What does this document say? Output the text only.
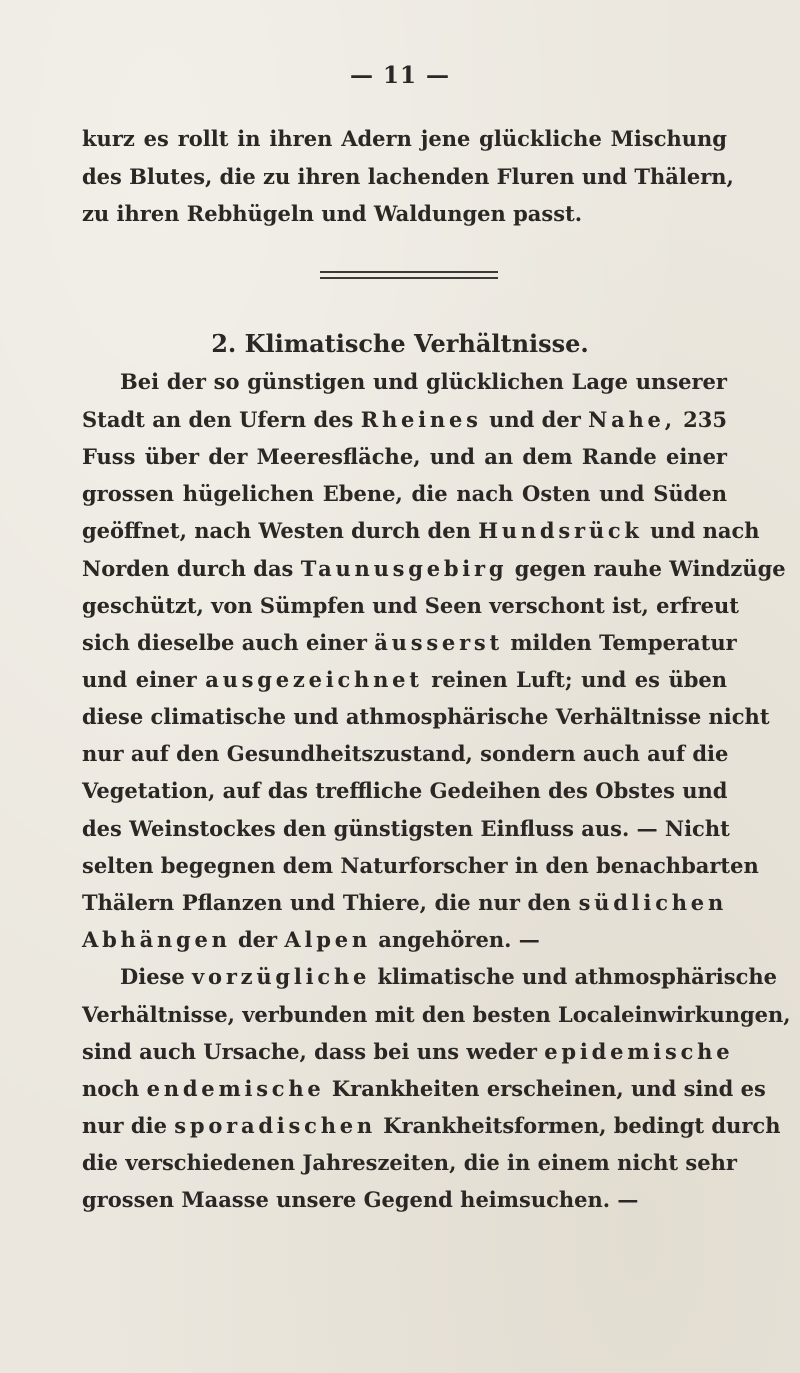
— 11 —
kurz es rollt in ihren Adern jene glückliche Mischung
des Blutes, die zu ihren lachenden Fluren und Thälern,
zu ihren Rebhügeln und Waldungen passt.
2. Klimatische Verhältnisse.
Bei der so günstigen und glücklichen Lage unserer
Stadt an den Ufern des Rheines und der Nahe, 235
Fuss über der Meeresfläche, und an dem Rande einer
grossen hügelichen Ebene, die nach Osten und Süden
geöffnet, nach Westen durch den Hundsrück und nach
Norden durch das Taunusgebirg gegen rauhe Windzüge
geschützt, von Sümpfen und Seen verschont ist, erfreut
sich dieselbe auch einer äusserst milden Temperatur
und einer ausgezeichnet reinen Luft; und es üben
diese climatische und athmosphärische Verhältnisse nicht
nur auf den Gesundheitszustand, sondern auch auf die
Vegetation, auf das treffliche Gedeihen des Obstes und
des Weinstockes den günstigsten Einfluss aus. — Nicht
selten begegnen dem Naturforscher in den benachbarten
Thälern Pflanzen und Thiere, die nur den südlichen
Abhängen der Alpen angehören. —
Diese vorzügliche klimatische und athmosphärische
Verhältnisse, verbunden mit den besten Localeinwirkungen,
sind auch Ursache, dass bei uns weder epidemische
noch endemische Krankheiten erscheinen, und sind es
nur die sporadischen Krankheitsformen, bedingt durch
die verschiedenen Jahreszeiten, die in einem nicht sehr
grossen Maasse unsere Gegend heimsuchen. —
